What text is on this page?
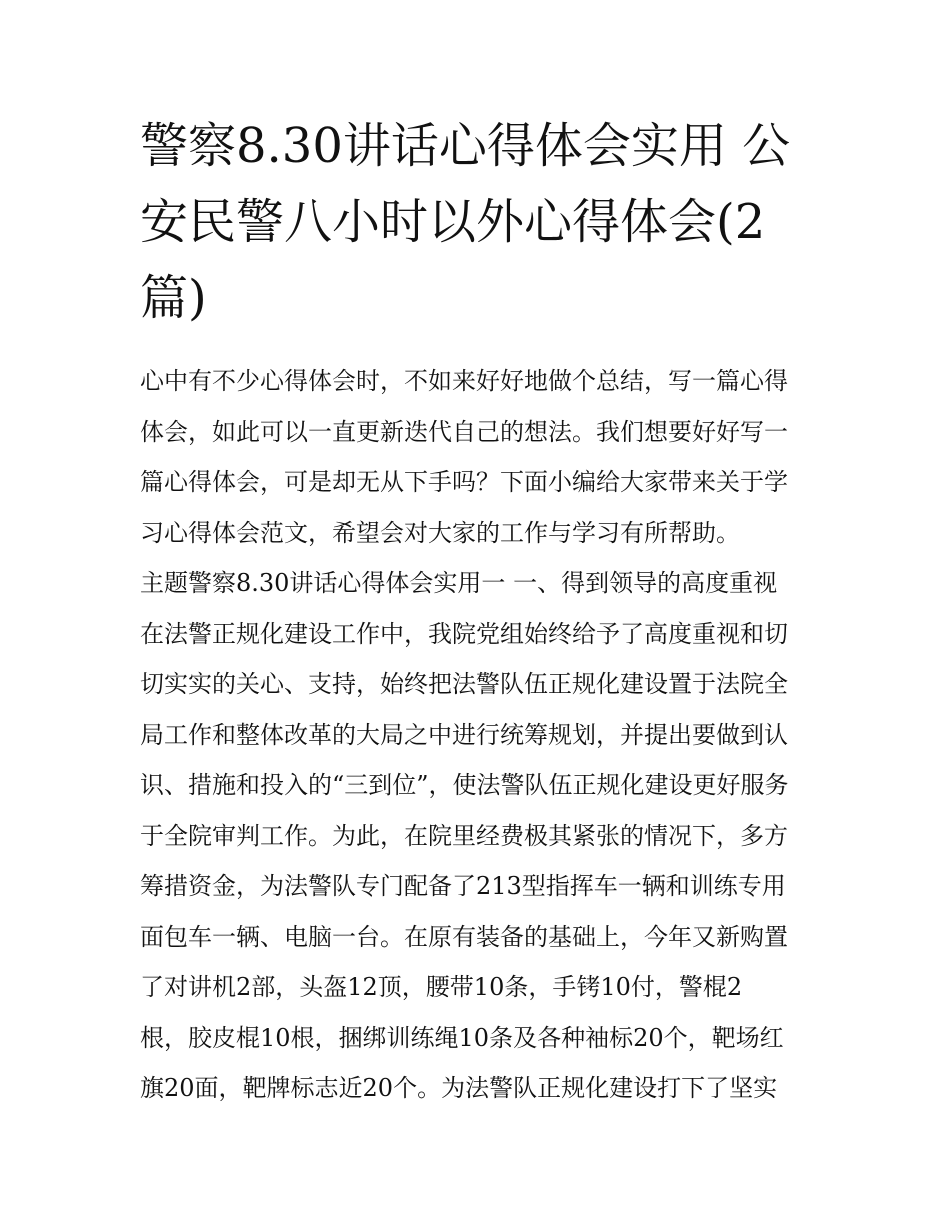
警察8.30讲话心得体会实用 公
安民警八小时以外心得体会(2
篇)
心中有不少心得体会时，不如来好好地做个总结，写一篇心得
体会，如此可以一直更新迭代自己的想法。我们想要好好写一
篇心得体会，可是却无从下手吗？下面小编给大家带来关于学
习心得体会范文，希望会对大家的工作与学习有所帮助。
主题警察8.30讲话心得体会实用一 一、得到领导的高度重视
在法警正规化建设工作中，我院党组始终给予了高度重视和切
切实实的关心、支持，始终把法警队伍正规化建设置于法院全
局工作和整体改革的大局之中进行统筹规划，并提出要做到认
识、措施和投入的“三到位”，使法警队伍正规化建设更好服务
于全院审判工作。为此，在院里经费极其紧张的情况下，多方
筹措资金，为法警队专门配备了213型指挥车一辆和训练专用
面包车一辆、电脑一台。在原有装备的基础上，今年又新购置
了对讲机2部，头盔12顶，腰带10条，手铐10付，警棍2
根，胶皮棍10根，捆绑训练绳10条及各种袖标20个，靶场红
旗20面，靶牌标志近20个。为法警队正规化建设打下了坚实
